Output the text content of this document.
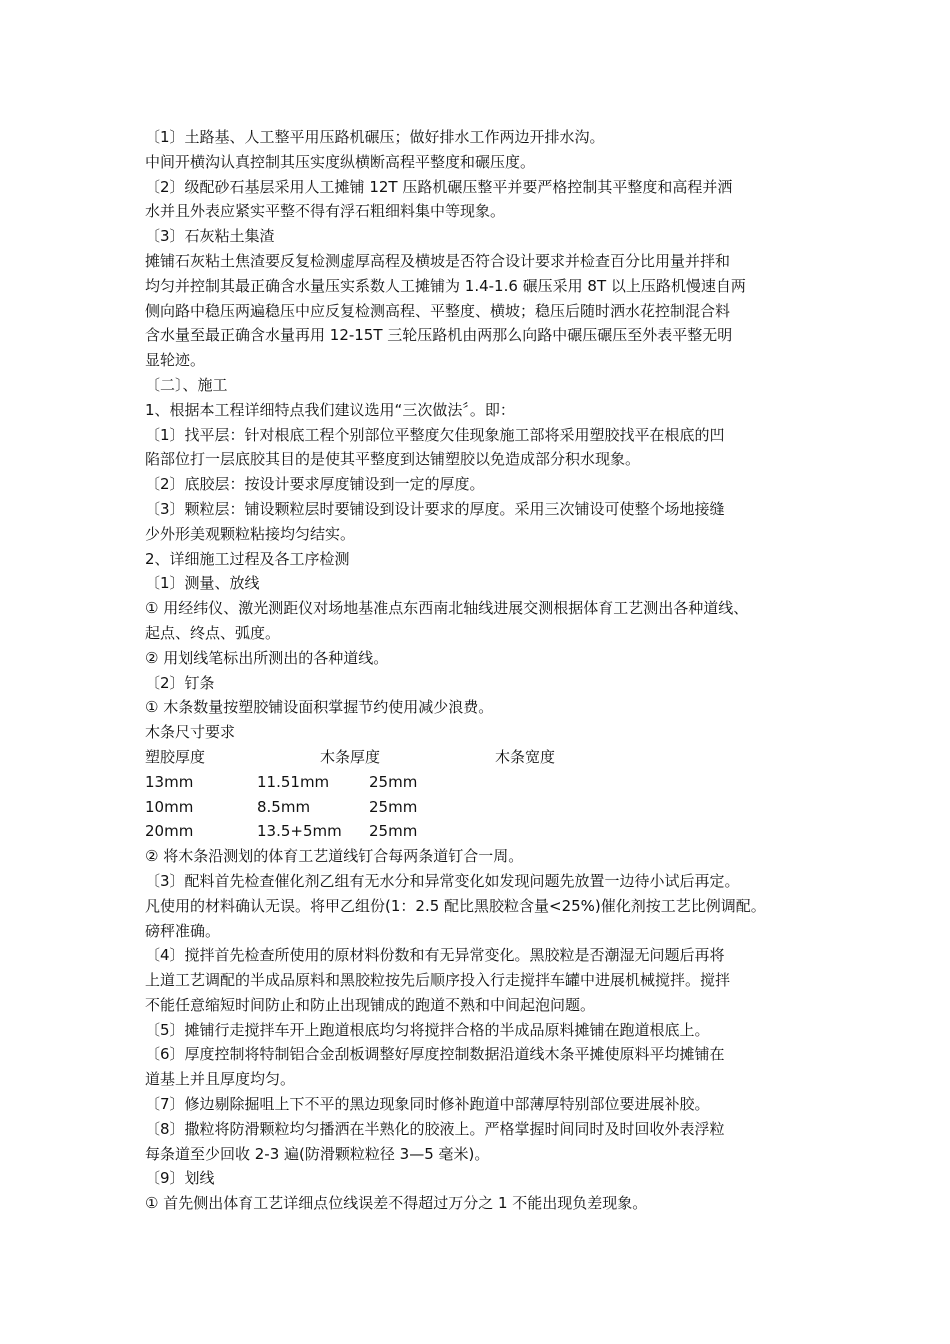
〔1〕土路基、人工整平用压路机碾压；做好排水工作两边开排水沟。
中间开横沟认真控制其压实度纵横断高程平整度和碾压度。
〔2〕级配砂石基层采用人工摊铺 12T 压路机碾压整平并要严格控制其平整度和高程并洒
水并且外表应紧实平整不得有浮石粗细料集中等现象。
〔3〕石灰粘土集渣
摊铺石灰粘土焦渣要反复检测虚厚高程及横坡是否符合设计要求并检查百分比用量并拌和
均匀并控制其最正确含水量压实系数人工摊铺为 1.4-1.6 碾压采用 8T 以上压路机慢速自两
侧向路中稳压两遍稳压中应反复检测高程、平整度、横坡；稳压后随时洒水花控制混合料
含水量至最正确含水量再用 12-15T 三轮压路机由两那么向路中碾压碾压至外表平整无明
显轮迹。
〔二〕、施工
1、根据本工程详细特点我们建议选用“三次做法〞。即：
〔1〕找平层：针对根底工程个别部位平整度欠佳现象施工部将采用塑胶找平在根底的凹
陷部位打一层底胶其目的是使其平整度到达铺塑胶以免造成部分积水现象。
〔2〕底胶层：按设计要求厚度铺设到一定的厚度。
〔3〕颗粒层：铺设颗粒层时要铺设到设计要求的厚度。采用三次铺设可使整个场地接缝
少外形美观颗粒粘接均匀结实。
2、详细施工过程及各工序检测
〔1〕测量、放线
① 用经纬仪、激光测距仪对场地基准点东西南北轴线进展交测根据体育工艺测出各种道线、
起点、终点、弧度。
② 用划线笔标出所测出的各种道线。
〔2〕钉条
① 木条数量按塑胶铺设面积掌握节约使用减少浪费。
木条尺寸要求
塑胶厚度	木条厚度	木条宽度
13mm	11.51mm	25mm
10mm	8.5mm	25mm
20mm	13.5+5mm	25mm
② 将木条沿测划的体育工艺道线钉合每两条道钉合一周。
〔3〕配料首先检查催化剂乙组有无水分和异常变化如发现问题先放置一边待小试后再定。
凡使用的材料确认无误。将甲乙组份(1：2.5 配比黑胶粒含量<25%)催化剂按工艺比例调配。
磅秤准确。
〔4〕搅拌首先检查所使用的原材料份数和有无异常变化。黑胶粒是否潮湿无问题后再将
上道工艺调配的半成品原料和黑胶粒按先后顺序投入行走搅拌车罐中进展机械搅拌。搅拌
不能任意缩短时间防止和防止出现铺成的跑道不熟和中间起泡问题。
〔5〕摊铺行走搅拌车开上跑道根底均匀将搅拌合格的半成品原料摊铺在跑道根底上。
〔6〕厚度控制将特制铝合金刮板调整好厚度控制数据沿道线木条平摊使原料平均摊铺在
道基上并且厚度均匀。
〔7〕修边剔除掘咀上下不平的黑边现象同时修补跑道中部薄厚特别部位要进展补胶。
〔8〕撒粒将防滑颗粒均匀播洒在半熟化的胶液上。严格掌握时间同时及时回收外表浮粒
每条道至少回收 2-3 遍(防滑颗粒粒径 3—5 毫米)。
〔9〕划线
① 首先侧出体育工艺详细点位线误差不得超过万分之 1 不能出现负差现象。
